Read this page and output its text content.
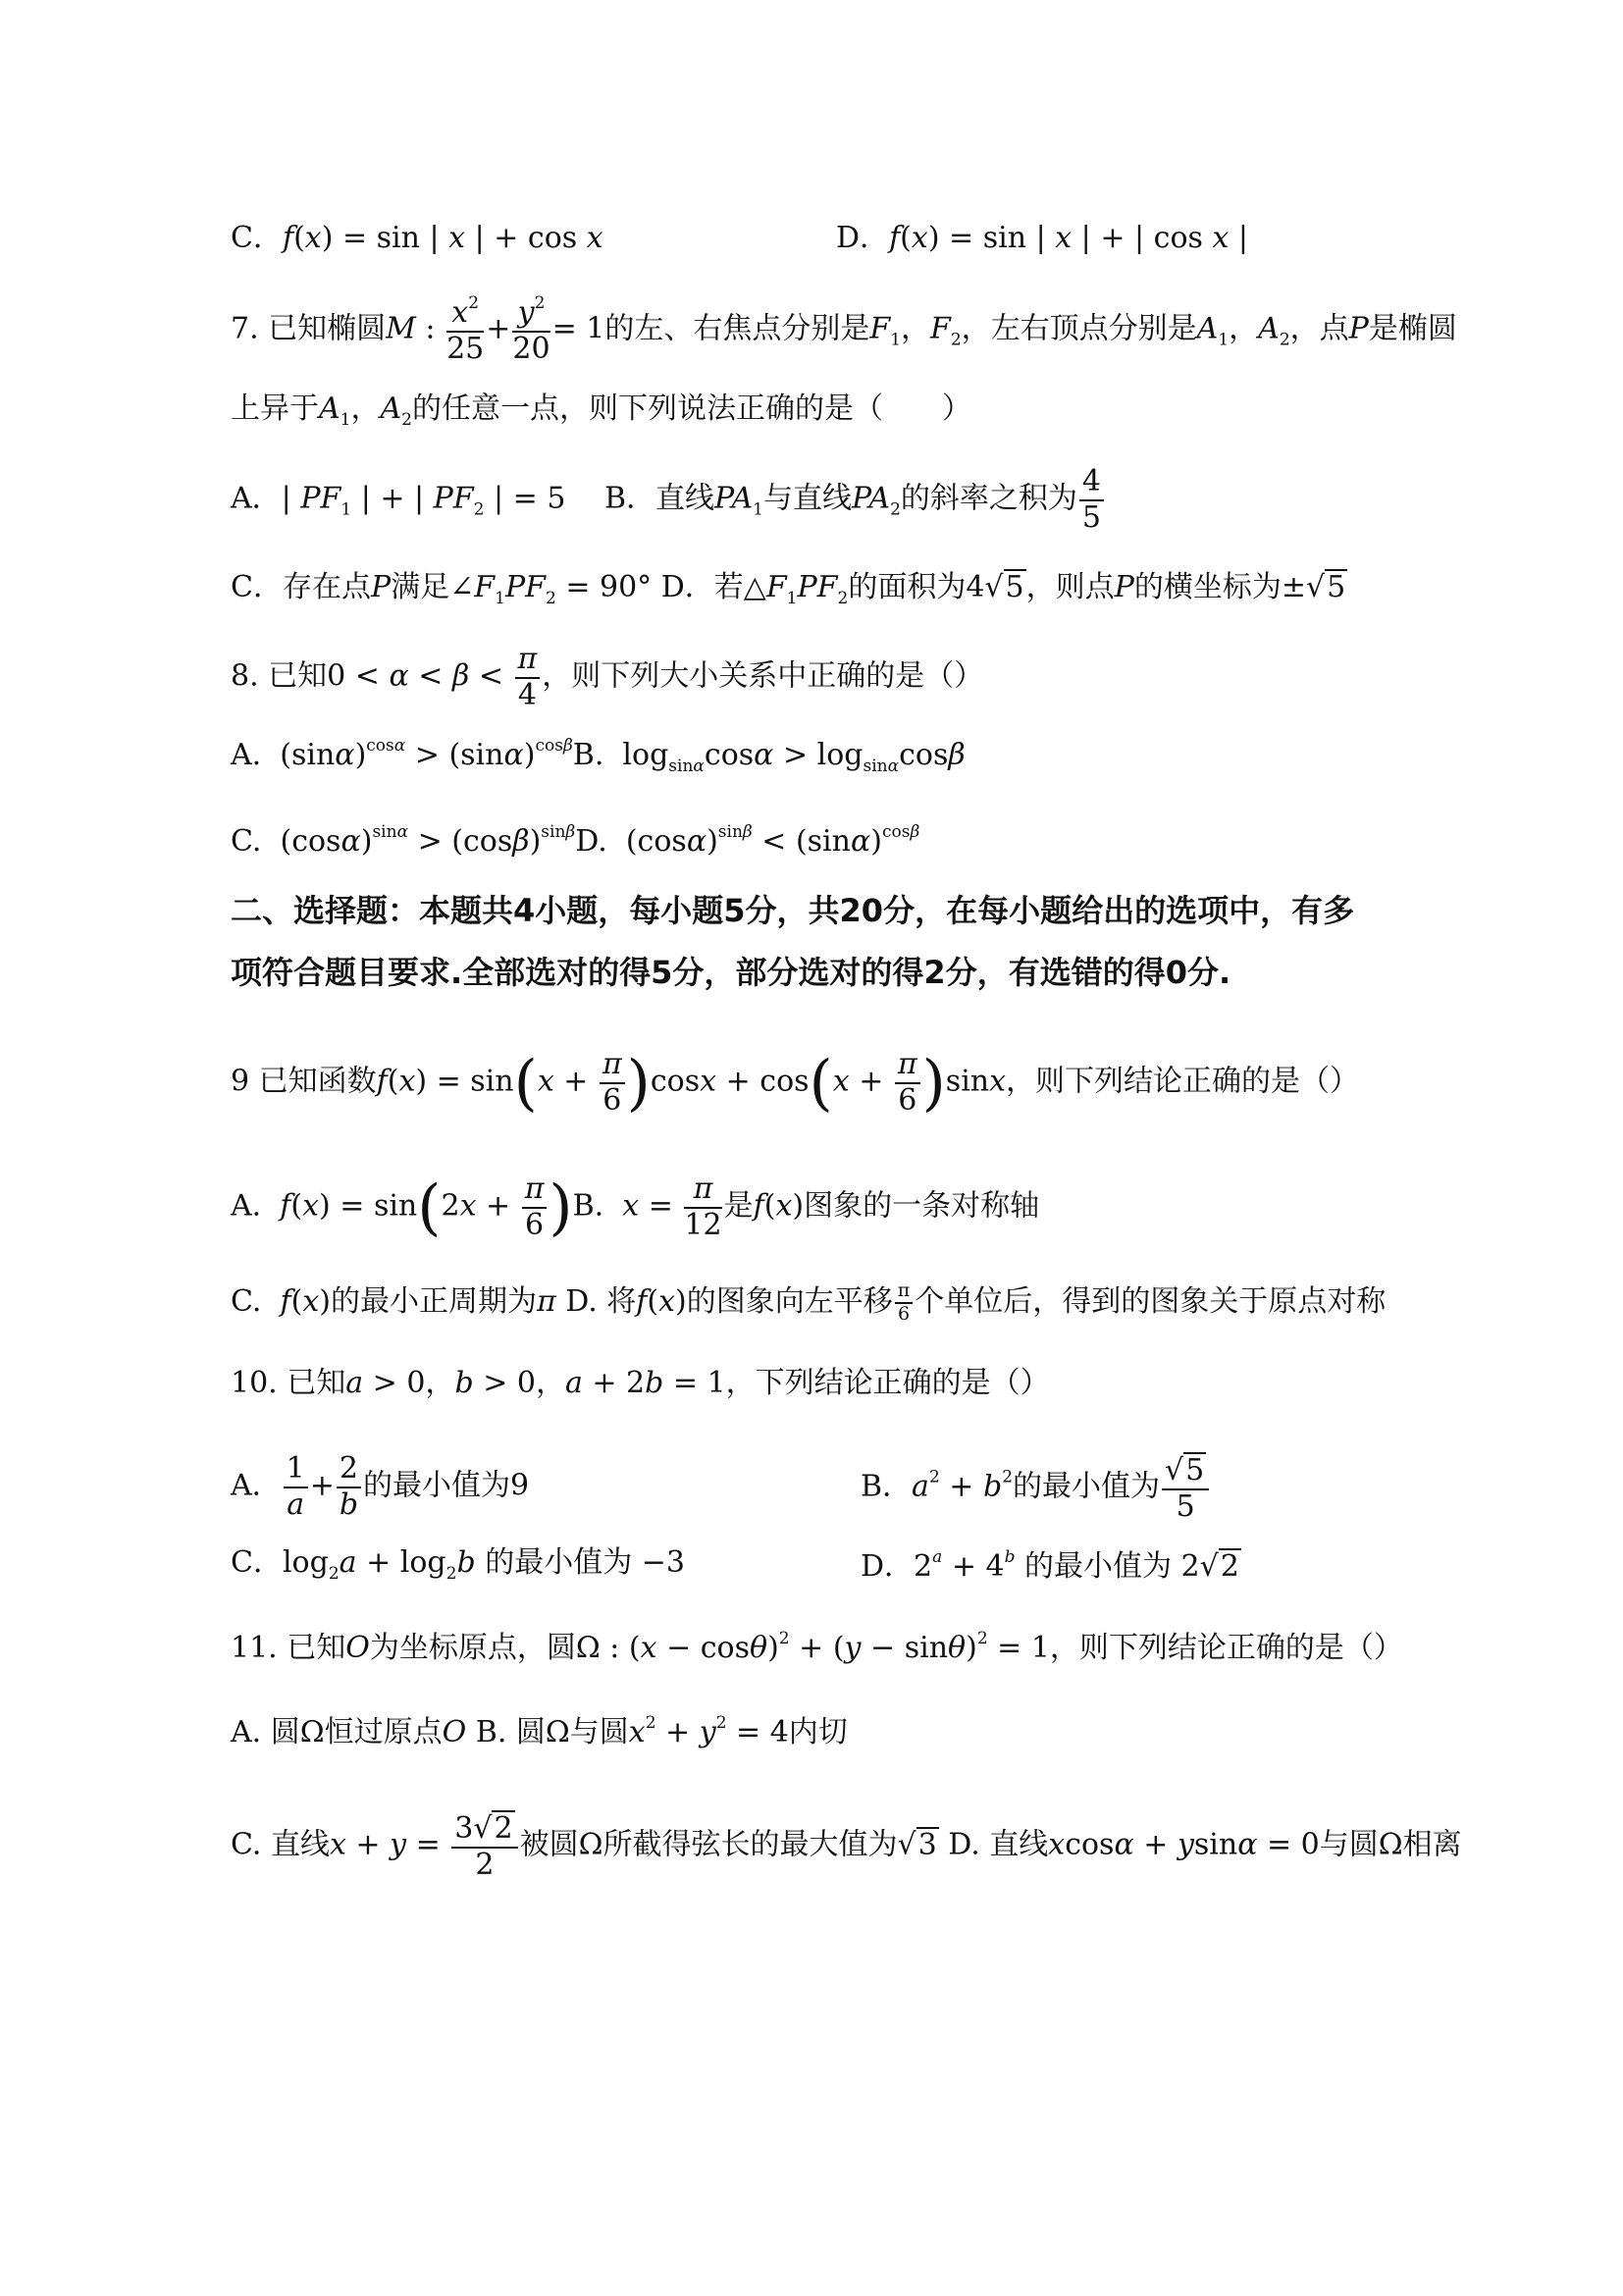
C．f(x) = sin | x | + cos x	D．f(x) = sin | x | + | cos x |
7. 已知椭圆M : $\frac{x^2}{25} + \frac{y^2}{20} = 1$的左、右焦点分别是$F_1$，$F_2$，左右顶点分别是$A_1$，$A_2$，点P是椭圆
上异于$A_1$，$A_2$的任意一点，则下列说法正确的是（　　）
A．| $PF_1$ | + | $PF_2$ | = 5　 B．直线$PA_1$与直线$PA_2$的斜率之积为 $\frac{4}{5}$
C．存在点P满足$\angle F_1PF_2 = 90^\circ$ D．若$\triangle F_1PF_2$的面积为4√5，则点P的横坐标为±√5
8. 已知$0 < \alpha < \beta < \frac{\pi}{4}$ ，则下列大小关系中正确的是（）
A.  $(\sin\alpha)^{cos\alpha} > (\sin\alpha)^{cos\beta}B$.  $\log_{sin\alpha}\cos\alpha > \log_{sin\alpha}\cos\beta$
C.  $(\cos\alpha)^{sin\alpha} > (\cos\beta)^{sin\beta}D$.  $(\cos\alpha)^{sin\beta} < (\sin\alpha)^{cos\beta}$
二、选择题：本题共4小题，每小题5分，共20分，在每小题给出的选项中，有多
项符合题目要求.全部选对的得5分，部分选对的得2分，有选错的得0分.
9 已知函数$f(x) = \sin(x + \frac{\pi}{6} )\cos x + \cos(x + \frac{\pi}{6} )\sin x$，则下列结论正确的是（）
A.  $f(x) = \sin(2x + \frac{\pi}{6} )B$.  $x = \frac{\pi}{12}$ 是f(x)图象的一条对称轴
C.  f(x)的最小正周期为π D. 将f(x)的图象向左平移 $\frac{\pi}{6}$ 个单位后，得到的图象关于原点对称
10. 已知a > 0，b > 0，a + 2b = 1，下列结论正确的是（）
A． $\frac{1}{a} + \frac{2}{b}$ 的最小值为9	B．$a^2 + b^2$的最小值为 $\frac{√5}{5}$
C．$\log_2a + \log_2b$ 的最小值为 −3	D．$2^a + 4^b$ 的最小值为 2√2
11. 已知O为坐标原点，圆Ω : $(x - \cos\theta)^2 + (y - \sin\theta)^2 = 1$，则下列结论正确的是（）
A. 圆Ω恒过原点O B. 圆Ω与圆$x^2 + y^2 = 4$内切
C. 直线$x + y = \frac{3√2}{2}$ 被圆Ω所截得弦长的最大值为√3 D. 直线xcosα + ysinα = 0与圆Ω相离
